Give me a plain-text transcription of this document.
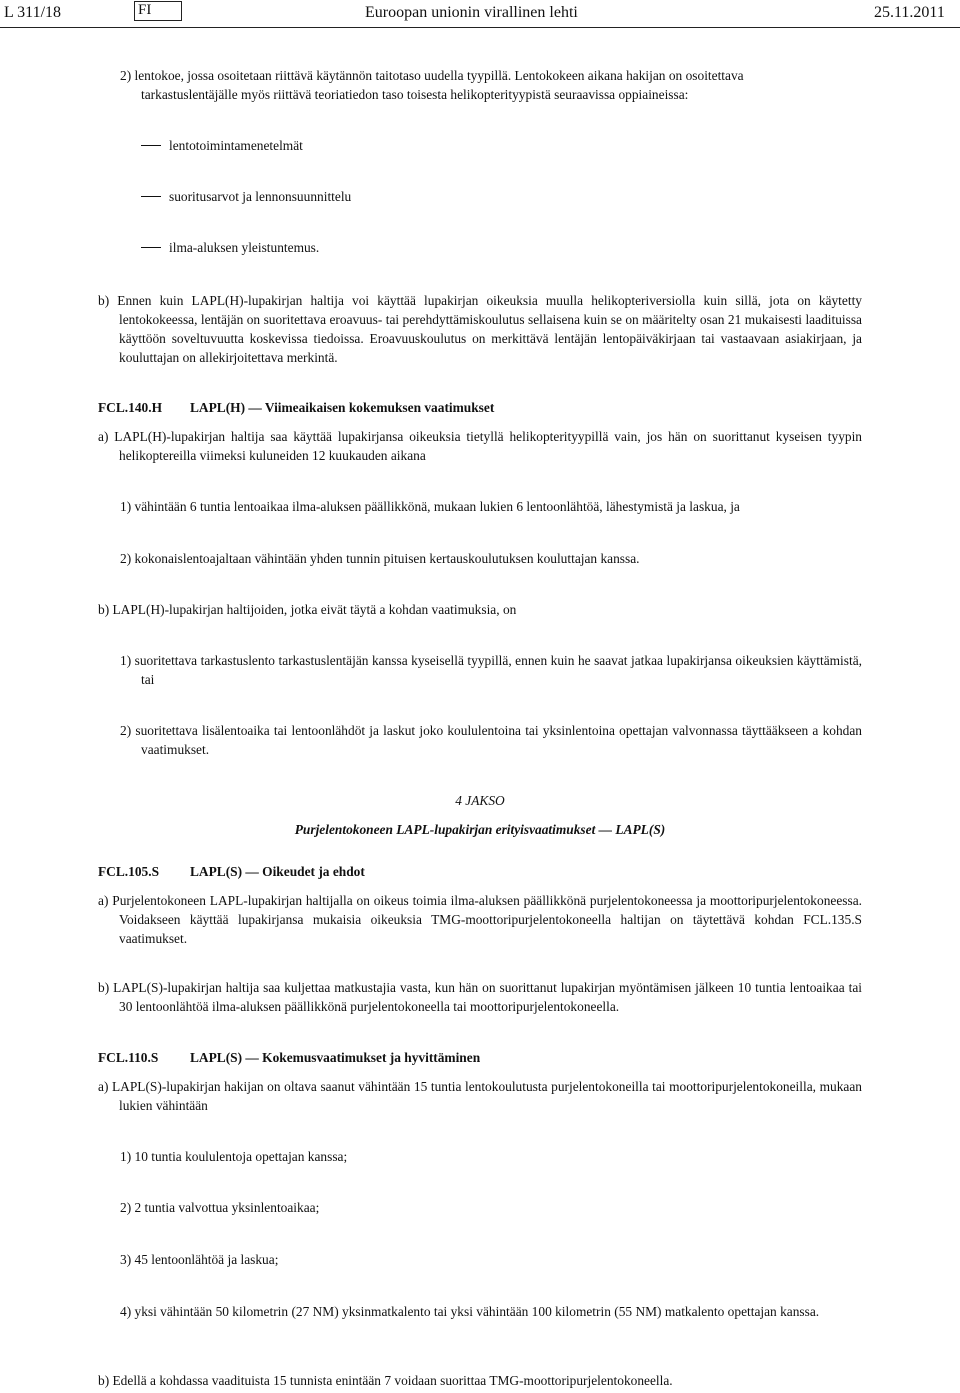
L 311/18	FI	Euroopan unionin virallinen lehti	25.11.2011
2) lentokoe, jossa osoitetaan riittävä käytännön taitotaso uudella tyypillä. Lentokokeen aikana hakijan on osoitettava
tarkastuslentäjälle myös riittävä teoriatiedon taso toisesta helikopterityypistä seuraavissa oppiaineissa:
lentotoimintamenetelmät
suoritusarvot ja lennonsuunnittelu
ilma-aluksen yleistuntemus.
b) Ennen kuin LAPL(H)-lupakirjan haltija voi käyttää lupakirjan oikeuksia muulla helikopteriversiolla kuin sillä, jota on käytetty lentokokeessa, lentäjän on suoritettava eroavuus- tai perehdyttämiskoulutus sellaisena kuin se on määritelty osan 21 mukaisesti laadituissa käyttöön soveltuvuutta koskevissa tiedoissa. Eroavuuskoulutus on merkittävä lentäjän lentopäiväkirjaan tai vastaavaan asiakirjaan, ja kouluttajan on allekirjoitettava merkintä.
FCL.140.H LAPL(H) — Viimeaikaisen kokemuksen vaatimukset
a) LAPL(H)-lupakirjan haltija saa käyttää lupakirjansa oikeuksia tietyllä helikopterityypillä vain, jos hän on suorittanut kyseisen tyypin helikoptereilla viimeksi kuluneiden 12 kuukauden aikana
1) vähintään 6 tuntia lentoaikaa ilma-aluksen päällikkönä, mukaan lukien 6 lentoonlähtöä, lähestymistä ja laskua, ja
2) kokonaislentoajaltaan vähintään yhden tunnin pituisen kertauskoulutuksen kouluttajan kanssa.
b) LAPL(H)-lupakirjan haltijoiden, jotka eivät täytä a kohdan vaatimuksia, on
1) suoritettava tarkastuslento tarkastuslentäjän kanssa kyseisellä tyypillä, ennen kuin he saavat jatkaa lupakirjansa oikeuksien käyttämistä, tai
2) suoritettava lisälentoaika tai lentoonlähdöt ja laskut joko koululentoina tai yksinlentoina opettajan valvonnassa täyttääkseen a kohdan vaatimukset.
4 JAKSO
Purjelentokoneen LAPL-lupakirjan erityisvaatimukset — LAPL(S)
FCL.105.S LAPL(S) — Oikeudet ja ehdot
a) Purjelentokoneen LAPL-lupakirjan haltijalla on oikeus toimia ilma-aluksen päällikkönä purjelentokoneessa ja moottoripurjelentokoneessa. Voidakseen käyttää lupakirjansa mukaisia oikeuksia TMG-moottoripurjelentokoneella haltijan on täytettävä kohdan FCL.135.S vaatimukset.
b) LAPL(S)-lupakirjan haltija saa kuljettaa matkustajia vasta, kun hän on suorittanut lupakirjan myöntämisen jälkeen 10 tuntia lentoaikaa tai 30 lentoonlähtöä ilma-aluksen päällikkönä purjelentokoneella tai moottoripurjelentokoneella.
FCL.110.S LAPL(S) — Kokemusvaatimukset ja hyvittäminen
a) LAPL(S)-lupakirjan hakijan on oltava saanut vähintään 15 tuntia lentokoulutusta purjelentokoneilla tai moottoripurjelentokoneilla, mukaan lukien vähintään
1) 10 tuntia koululentoja opettajan kanssa;
2) 2 tuntia valvottua yksinlentoaikaa;
3) 45 lentoonlähtöä ja laskua;
4) yksi vähintään 50 kilometrin (27 NM) yksinmatkalento tai yksi vähintään 100 kilometrin (55 NM) matkalento opettajan kanssa.
b) Edellä a kohdassa vaadituista 15 tunnista enintään 7 voidaan suorittaa TMG-moottoripurjelentokoneella.
